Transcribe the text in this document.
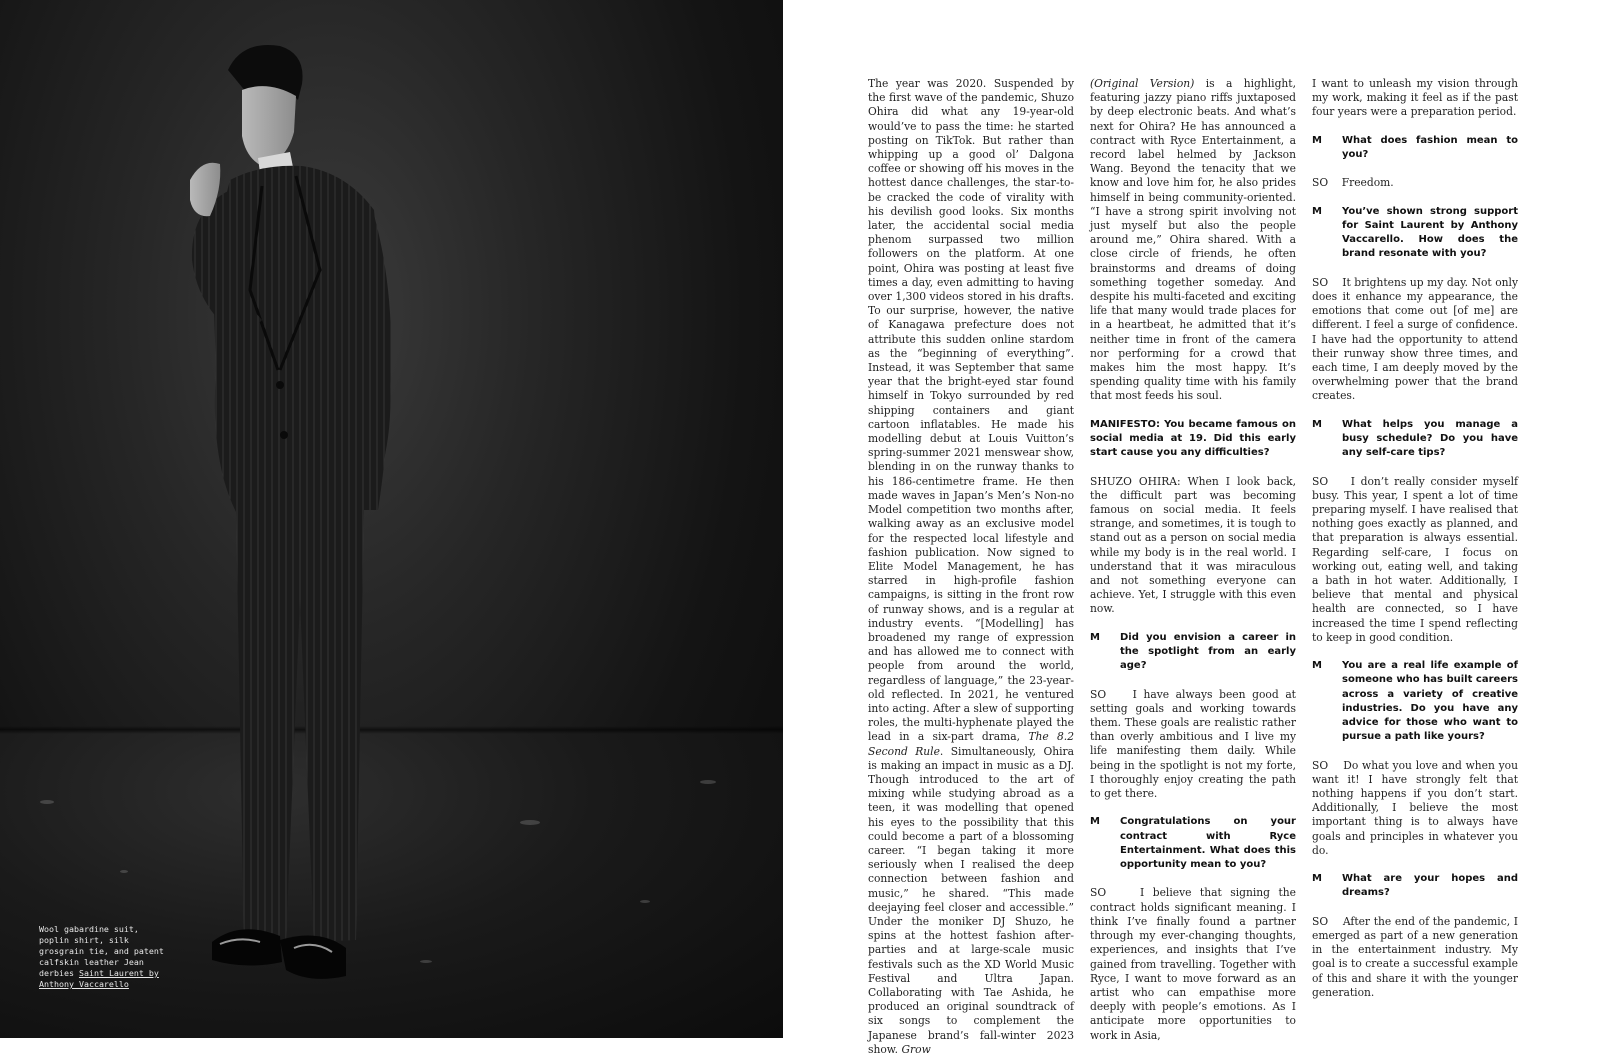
Wool gabardine suit, poplin shirt, silk grosgrain tie, and patent calfskin leather Jean derbies Saint Laurent by Anthony Vaccarello

The year was 2020. Suspended by the first wave of the pandemic, Shuzo Ohira did what any 19-year-old would’ve to pass the time: he started posting on TikTok. But rather than whipping up a good ol’ Dalgona coffee or showing off his moves in the hottest dance challenges, the star-to-be cracked the code of virality with his devilish good looks. Six months later, the accidental social media phenom surpassed two million followers on the platform. At one point, Ohira was posting at least five times a day, even admitting to having over 1,300 videos stored in his drafts. To our surprise, however, the native of Kanagawa prefecture does not attribute this sudden online stardom as the “beginning of everything”. Instead, it was September that same year that the bright-eyed star found himself in Tokyo surrounded by red shipping containers and giant cartoon inflatables. He made his modelling debut at Louis Vuitton’s spring-summer 2021 menswear show, blending in on the runway thanks to his 186-centimetre frame. He then made waves in Japan’s Men’s Non-no Model competition two months after, walking away as an exclusive model for the respected local lifestyle and fashion publication. Now signed to Elite Model Management, he has starred in high-profile fashion campaigns, is sitting in the front row of runway shows, and is a regular at industry events. “[Modelling] has broadened my range of expression and has allowed me to connect with people from around the world, regardless of language,” the 23-year-old reflected. In 2021, he ventured into acting. After a slew of supporting roles, the multi-hyphenate played the lead in a six-part drama, The 8.2 Second Rule. Simultaneously, Ohira is making an impact in music as a DJ. Though introduced to the art of mixing while studying abroad as a teen, it was modelling that opened his eyes to the possibility that this could become a part of a blossoming career. “I began taking it more seriously when I realised the deep connection between fashion and music,” he shared. “This made deejaying feel closer and accessible.” Under the moniker DJ Shuzo, he spins at the hottest fashion after-parties and at large-scale music festivals such as the XD World Music Festival and Ultra Japan. Collaborating with Tae Ashida, he produced an original soundtrack of six songs to complement the Japanese brand’s fall-winter 2023 show. Grow

(Original Version) is a highlight, featuring jazzy piano riffs juxtaposed by deep electronic beats. And what’s next for Ohira? He has announced a contract with Ryce Entertainment, a record label helmed by Jackson Wang. Beyond the tenacity that we know and love him for, he also prides himself in being community-oriented. “I have a strong spirit involving not just myself but also the people around me,” Ohira shared. With a close circle of friends, he often brainstorms and dreams of doing something together someday. And despite his multi-faceted and exciting life that many would trade places for in a heartbeat, he admitted that it’s neither time in front of the camera nor performing for a crowd that makes him the most happy. It’s spending quality time with his family that most feeds his soul.

MANIFESTO: You became famous on social media at 19. Did this early start cause you any difficulties?

SHUZO OHIRA: When I look back, the difficult part was becoming famous on social media. It feels strange, and sometimes, it is tough to stand out as a person on social media while my body is in the real world. I understand that it was miraculous and not something everyone can achieve. Yet, I struggle with this even now.

M	Did you envision a career in the spotlight from an early age?

SO I have always been good at setting goals and working towards them. These goals are realistic rather than overly ambitious and I live my life manifesting them daily. While being in the spotlight is not my forte, I thoroughly enjoy creating the path to get there.

M	Congratulations on your contract with Ryce Entertainment. What does this opportunity mean to you?

SO	I believe that signing the contract holds significant meaning. I think I’ve finally found a partner through my ever-changing thoughts, experiences, and insights that I’ve gained from travelling. Together with Ryce, I want to move forward as an artist who can empathise more deeply with people’s emotions. As I anticipate more opportunities to work in Asia,

I want to unleash my vision through my work, making it feel as if the past four years were a preparation period.

M	What does fashion mean to you?

SO Freedom.

M	You’ve shown strong support for Saint Laurent by Anthony Vaccarello. How does the brand resonate with you?

SO It brightens up my day. Not only does it enhance my appearance, the emotions that come out [of me] are different. I feel a surge of confidence. I have had the opportunity to attend their runway show three times, and each time, I am deeply moved by the overwhelming power that the brand creates.

M	What helps you manage a busy schedule? Do you have any self-care tips?

SO I don’t really consider myself busy. This year, I spent a lot of time preparing myself. I have realised that nothing goes exactly as planned, and that preparation is always essential. Regarding self-care, I focus on working out, eating well, and taking a bath in hot water. Additionally, I believe that mental and physical health are connected, so I have increased the time I spend reflecting to keep in good condition.

M	You are a real life example of someone who has built careers across a variety of creative industries. Do you have any advice for those who want to pursue a path like yours?

SO Do what you love and when you want it! I have strongly felt that nothing happens if you don’t start. Additionally, I believe the most important thing is to always have goals and principles in whatever you do.

M	What are your hopes and dreams?

SO After the end of the pandemic, I emerged as part of a new generation in the entertainment industry. My goal is to create a successful example of this and share it with the younger generation.
